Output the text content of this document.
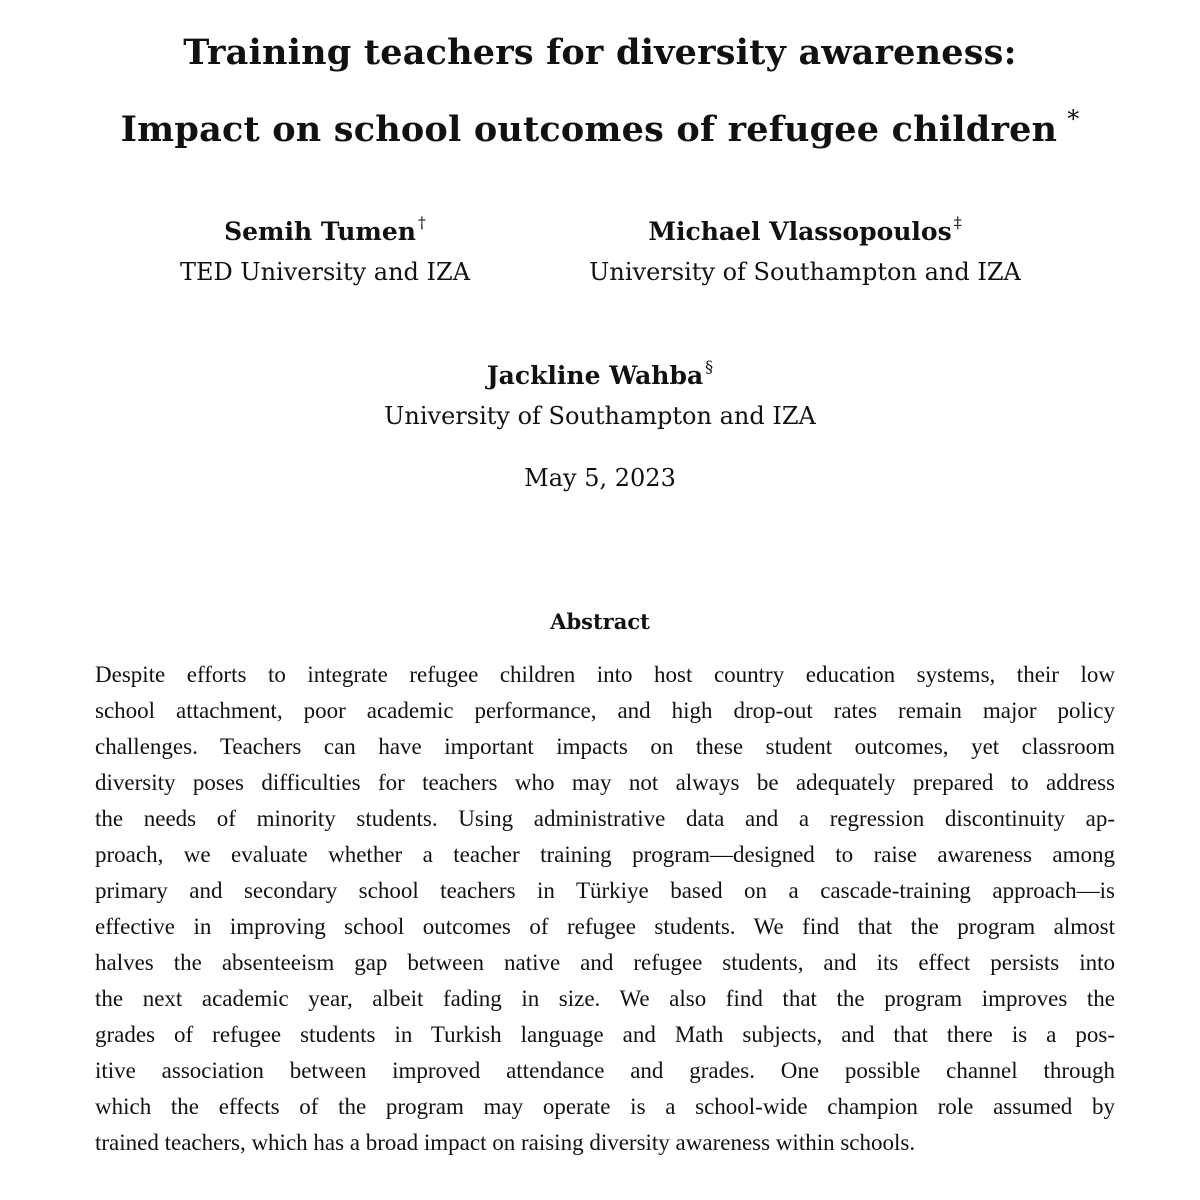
Training teachers for diversity awareness:
Impact on school outcomes of refugee children *
Semih Tumen †
TED University and IZA
Michael Vlassopoulos ‡
University of Southampton and IZA
Jackline Wahba §
University of Southampton and IZA
May 5, 2023
Abstract
Despite efforts to integrate refugee children into host country education systems, their low
school attachment, poor academic performance, and high drop-out rates remain major policy
challenges. Teachers can have important impacts on these student outcomes, yet classroom
diversity poses difficulties for teachers who may not always be adequately prepared to address
the needs of minority students. Using administrative data and a regression discontinuity ap-
proach, we evaluate whether a teacher training program—designed to raise awareness among
primary and secondary school teachers in Türkiye based on a cascade-training approach—is
effective in improving school outcomes of refugee students. We find that the program almost
halves the absenteeism gap between native and refugee students, and its effect persists into
the next academic year, albeit fading in size. We also find that the program improves the
grades of refugee students in Turkish language and Math subjects, and that there is a pos-
itive association between improved attendance and grades. One possible channel through
which the effects of the program may operate is a school-wide champion role assumed by
trained teachers, which has a broad impact on raising diversity awareness within schools.
